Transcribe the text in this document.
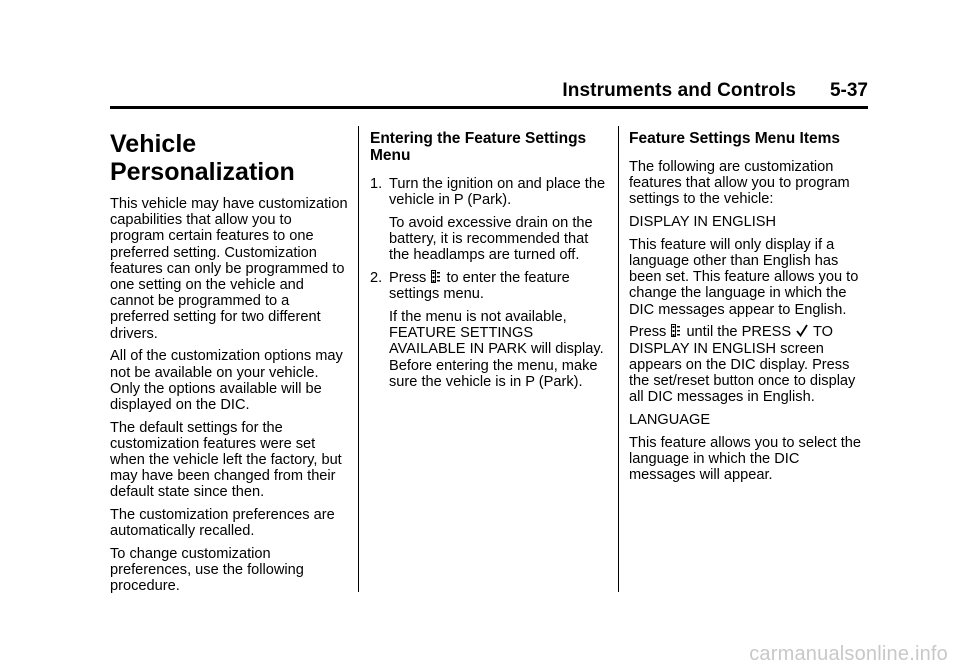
Instruments and Controls 5-37
Vehicle Personalization

This vehicle may have customization capabilities that allow you to program certain features to one preferred setting. Customization features can only be programmed to one setting on the vehicle and cannot be programmed to a preferred setting for two different drivers.

All of the customization options may not be available on your vehicle. Only the options available will be displayed on the DIC.

The default settings for the customization features were set when the vehicle left the factory, but may have been changed from their default state since then.

The customization preferences are automatically recalled.

To change customization preferences, use the following procedure.

Entering the Feature Settings Menu

1. Turn the ignition on and place the vehicle in P (Park).

To avoid excessive drain on the battery, it is recommended that the headlamps are turned off.

2. Press to enter the feature settings menu.

If the menu is not available, FEATURE SETTINGS AVAILABLE IN PARK will display. Before entering the menu, make sure the vehicle is in P (Park).

Feature Settings Menu Items

The following are customization features that allow you to program settings to the vehicle:

DISPLAY IN ENGLISH

This feature will only display if a language other than English has been set. This feature allows you to change the language in which the DIC messages appear to English.

Press until the PRESS TO DISPLAY IN ENGLISH screen appears on the DIC display. Press the set/reset button once to display all DIC messages in English.

LANGUAGE

This feature allows you to select the language in which the DIC messages will appear.

carmanualsonline.info
